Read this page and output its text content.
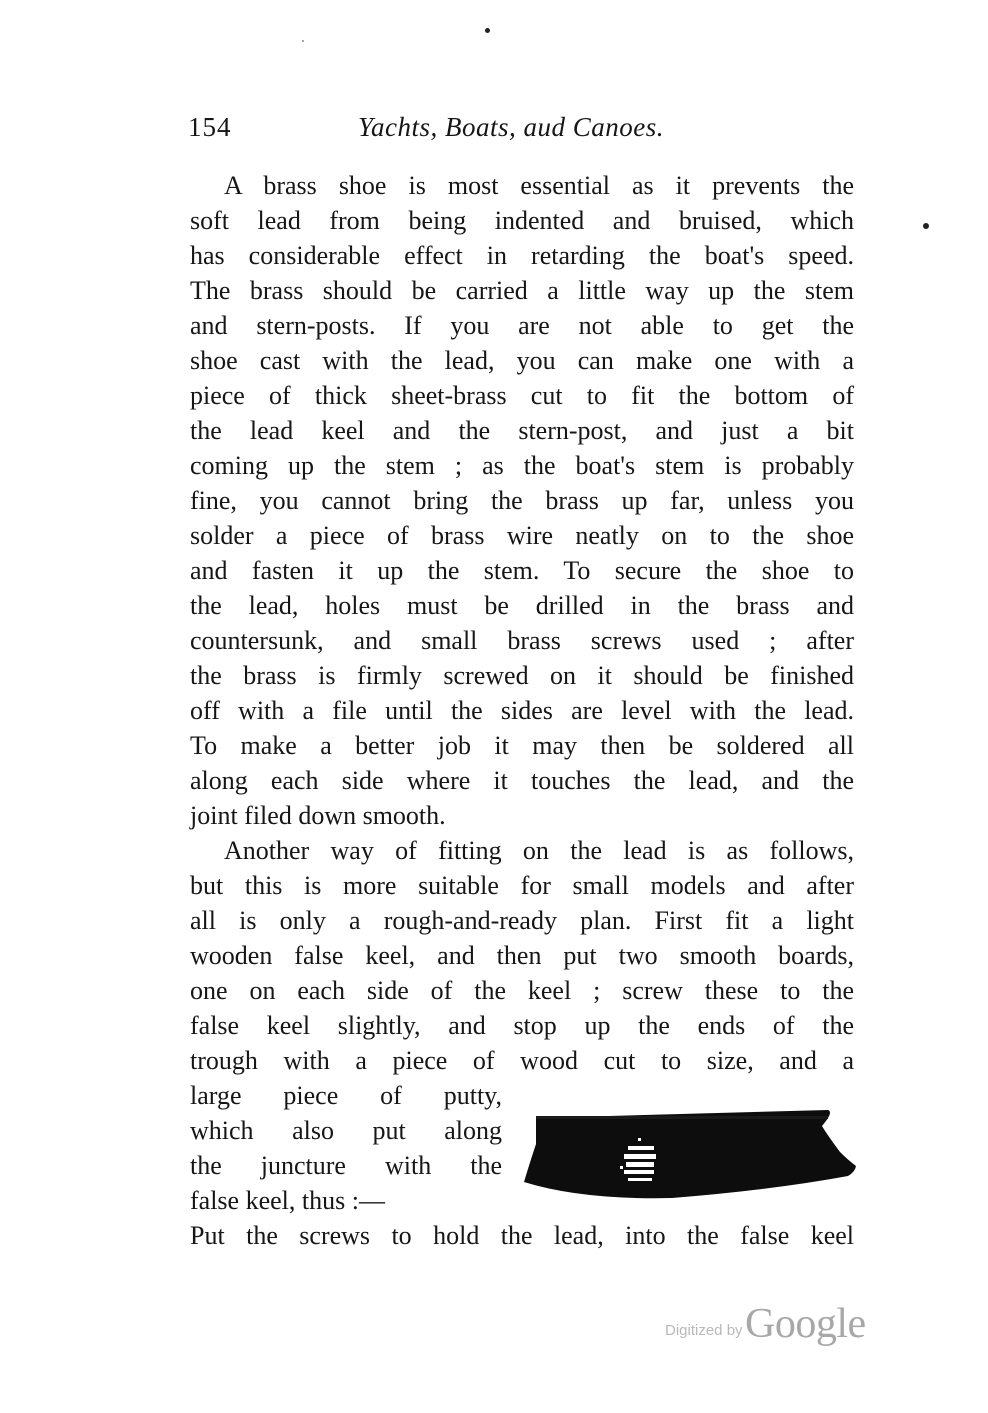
154	Yachts, Boats, aud Canoes.
A brass shoe is most essential as it prevents the
soft lead from being indented and bruised, which
has considerable effect in retarding the boat's speed.
The brass should be carried a little way up the stem
and stern-posts. If you are not able to get the
shoe cast with the lead, you can make one with a
piece of thick sheet-brass cut to fit the bottom of
the lead keel and the stern-post, and just a bit
coming up the stem ; as the boat's stem is probably
fine, you cannot bring the brass up far, unless you
solder a piece of brass wire neatly on to the shoe
and fasten it up the stem. To secure the shoe to
the lead, holes must be drilled in the brass and
countersunk, and small brass screws used ; after
the brass is firmly screwed on it should be finished
off with a file until the sides are level with the lead.
To make a better job it may then be soldered all
along each side where it touches the lead, and the
joint filed down smooth.
Another way of fitting on the lead is as follows,
but this is more suitable for small models and after
all is only a rough-and-ready plan. First fit a light
wooden false keel, and then put two smooth boards,
one on each side of the keel ; screw these to the
false keel slightly, and stop up the ends of the
trough with a piece of wood cut to size, and a
large piece of putty,
which also put along
the juncture with the
false keel, thus :—
Put the screws to hold the lead, into the false keel
Digitized by Google
